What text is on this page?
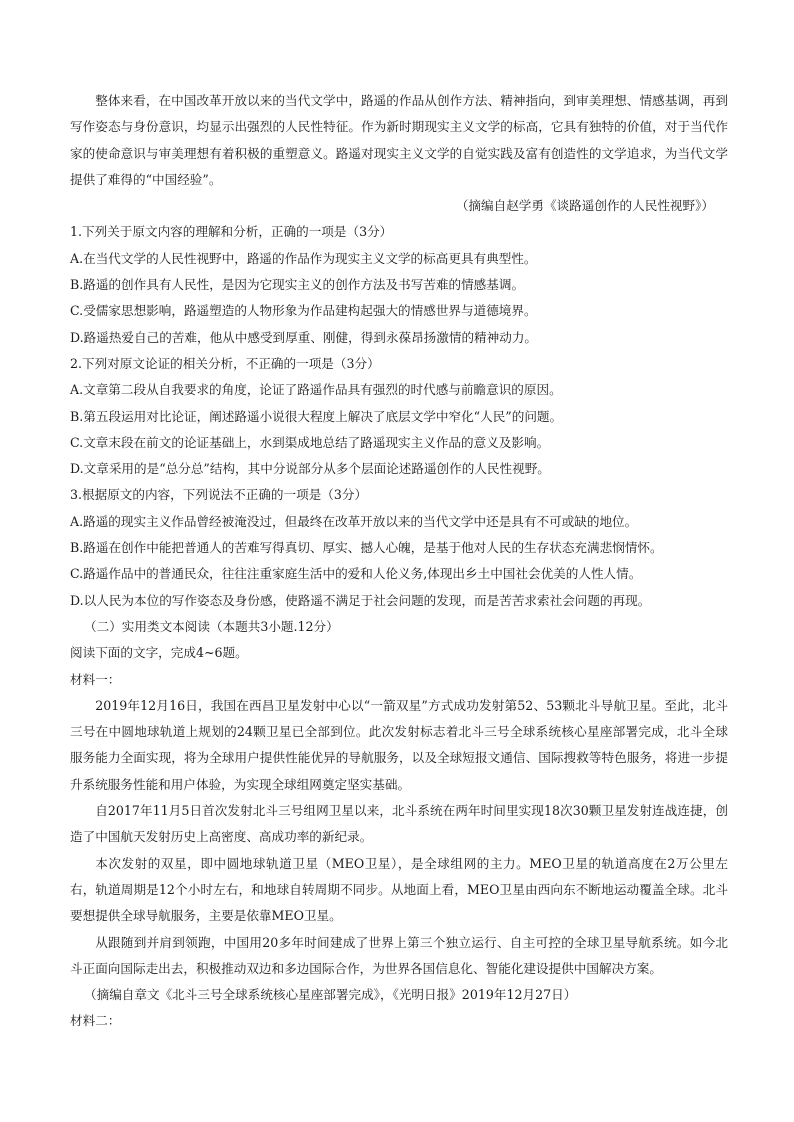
整体来看，在中国改革开放以来的当代文学中，路遥的作品从创作方法、精神指向，到审美理想、情感基调，再到写作姿态与身份意识，均显示出强烈的人民性特征。作为新时期现实主义文学的标高，它具有独特的价值，对于当代作家的使命意识与审美理想有着积极的重塑意义。路遥对现实主义文学的自觉实践及富有创造性的文学追求，为当代文学提供了难得的“中国经验”。

（摘编自赵学勇《谈路遥创作的人民性视野》）

1.下列关于原文内容的理解和分析，正确的一项是（3分）

A.在当代文学的人民性视野中，路遥的作品作为现实主义文学的标高更具有典型性。

B.路遥的创作具有人民性，是因为它现实主义的创作方法及书写苦难的情感基调。

C.受儒家思想影响，路遥塑造的人物形象为作品建构起强大的情感世界与道德境界。

D.路遥热爱自己的苦难，他从中感受到厚重、刚健，得到永葆昂扬激情的精神动力。

2.下列对原文论证的相关分析，不正确的一项是（3分）

A.文章第二段从自我要求的角度，论证了路遥作品具有强烈的时代感与前瞻意识的原因。

B.第五段运用对比论证，阐述路遥小说很大程度上解决了底层文学中窄化“人民”的问题。

C.文章末段在前文的论证基础上，水到渠成地总结了路遥现实主义作品的意义及影响。

D.文章采用的是“总分总”结构，其中分说部分从多个层面论述路遥创作的人民性视野。

3.根据原文的内容，下列说法不正确的一项是（3分）

A.路遥的现实主义作品曾经被淹没过，但最终在改革开放以来的当代文学中还是具有不可或缺的地位。

B.路遥在创作中能把普通人的苦难写得真切、厚实、撼人心魄，是基于他对人民的生存状态充满悲悯情怀。

C.路遥作品中的普通民众，往往注重家庭生活中的爱和人伦义务,体现出乡土中国社会优美的人性人情。

D.以人民为本位的写作姿态及身份感，使路遥不满足于社会问题的发现，而是苦苦求索社会问题的再现。

（二）实用类文本阅读（本题共3小题.12分）

阅读下面的文字，完成4~6题。

材料一：

2019年12月16日，我国在西昌卫星发射中心以“一箭双星”方式成功发射第52、53颗北斗导航卫星。至此，北斗三号在中圆地球轨道上规划的24颗卫星已全部到位。此次发射标志着北斗三号全球系统核心星座部署完成，北斗全球服务能力全面实现，将为全球用户提供性能优异的导航服务，以及全球短报文通信、国际搜救等特色服务，将进一步提升系统服务性能和用户体验，为实现全球组网奠定坚实基础。

自2017年11月5日首次发射北斗三号组网卫星以来，北斗系统在两年时间里实现18次30颗卫星发射连战连捷，创造了中国航天发射历史上高密度、高成功率的新纪录。

本次发射的双星，即中圆地球轨道卫星（MEO卫星），是全球组网的主力。MEO卫星的轨道高度在2万公里左右，轨道周期是12个小时左右，和地球自转周期不同步。从地面上看，MEO卫星由西向东不断地运动覆盖全球。北斗要想提供全球导航服务，主要是依靠MEO卫星。

从跟随到并肩到领跑，中国用20多年时间建成了世界上第三个独立运行、自主可控的全球卫星导航系统。如今北斗正面向国际走出去，积极推动双边和多边国际合作，为世界各国信息化、智能化建设提供中国解决方案。

（摘编自章文《北斗三号全球系统核心星座部署完成》，《光明日报》2019年12月27日）

材料二：
